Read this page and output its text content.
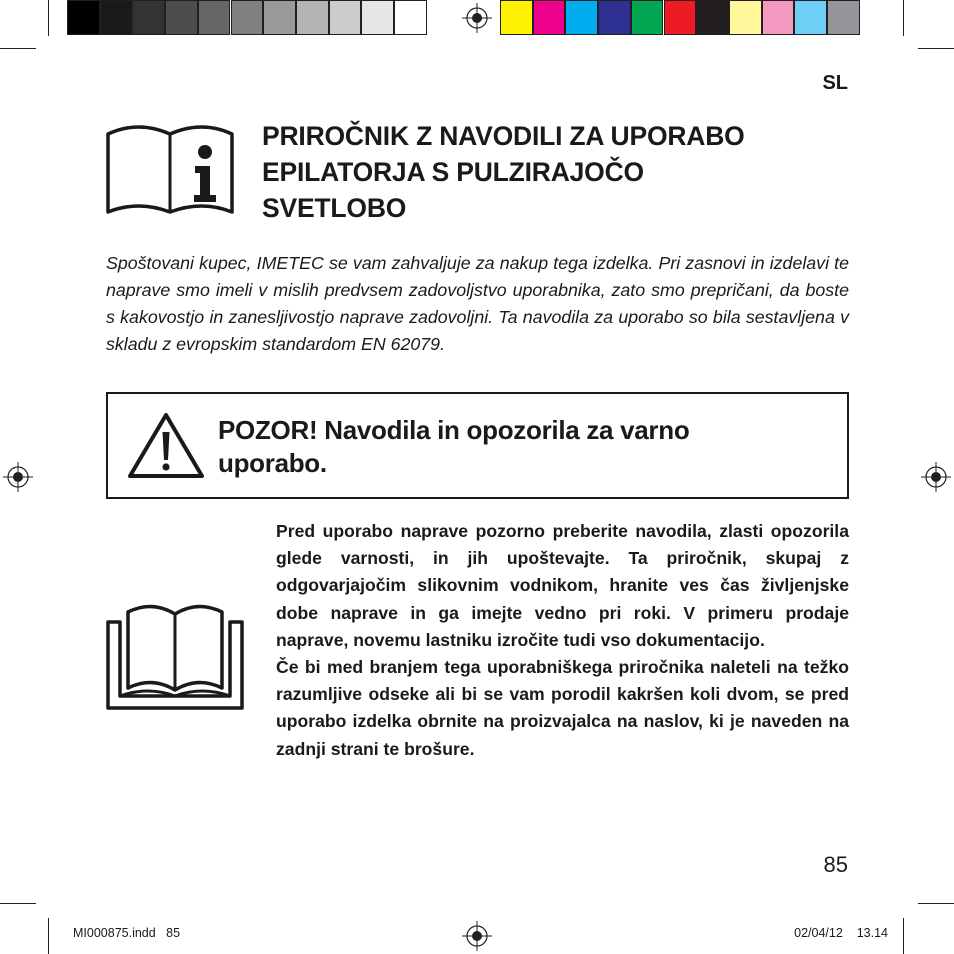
SL
PRIROČNIK Z NAVODILI ZA UPORABO
EPILATORJA S PULZIRAJOČO
SVETLOBO

Spoštovani kupec, IMETEC se vam zahvaljuje za nakup tega izdelka. Pri zasnovi in izdelavi te naprave smo imeli v mislih predvsem zadovoljstvo uporabnika, zato smo prepričani, da boste s kakovostjo in zanesljivostjo naprave zadovoljni. Ta navodila za uporabo so bila sestavljena v skladu z evropskim standardom EN 62079.

POZOR! Navodila in opozorila za varno
uporabo.

Pred uporabo naprave pozorno preberite navodila, zlasti opozorila glede varnosti, in jih upoštevajte. Ta priročnik, skupaj z odgovarjajočim slikovnim vodnikom, hranite ves čas življenjske dobe naprave in ga imejte vedno pri roki. V primeru prodaje naprave, novemu lastniku izročite tudi vso dokumentacijo.

Če bi med branjem tega uporabniškega priročnika naleteli na težko razumljive odseke ali bi se vam porodil kakršen koli dvom, se pred uporabo izdelka obrnite na proizvajalca na naslov, ki je naveden na zadnji strani te brošure.

85
MI000875.indd 85	02/04/12 13.14
